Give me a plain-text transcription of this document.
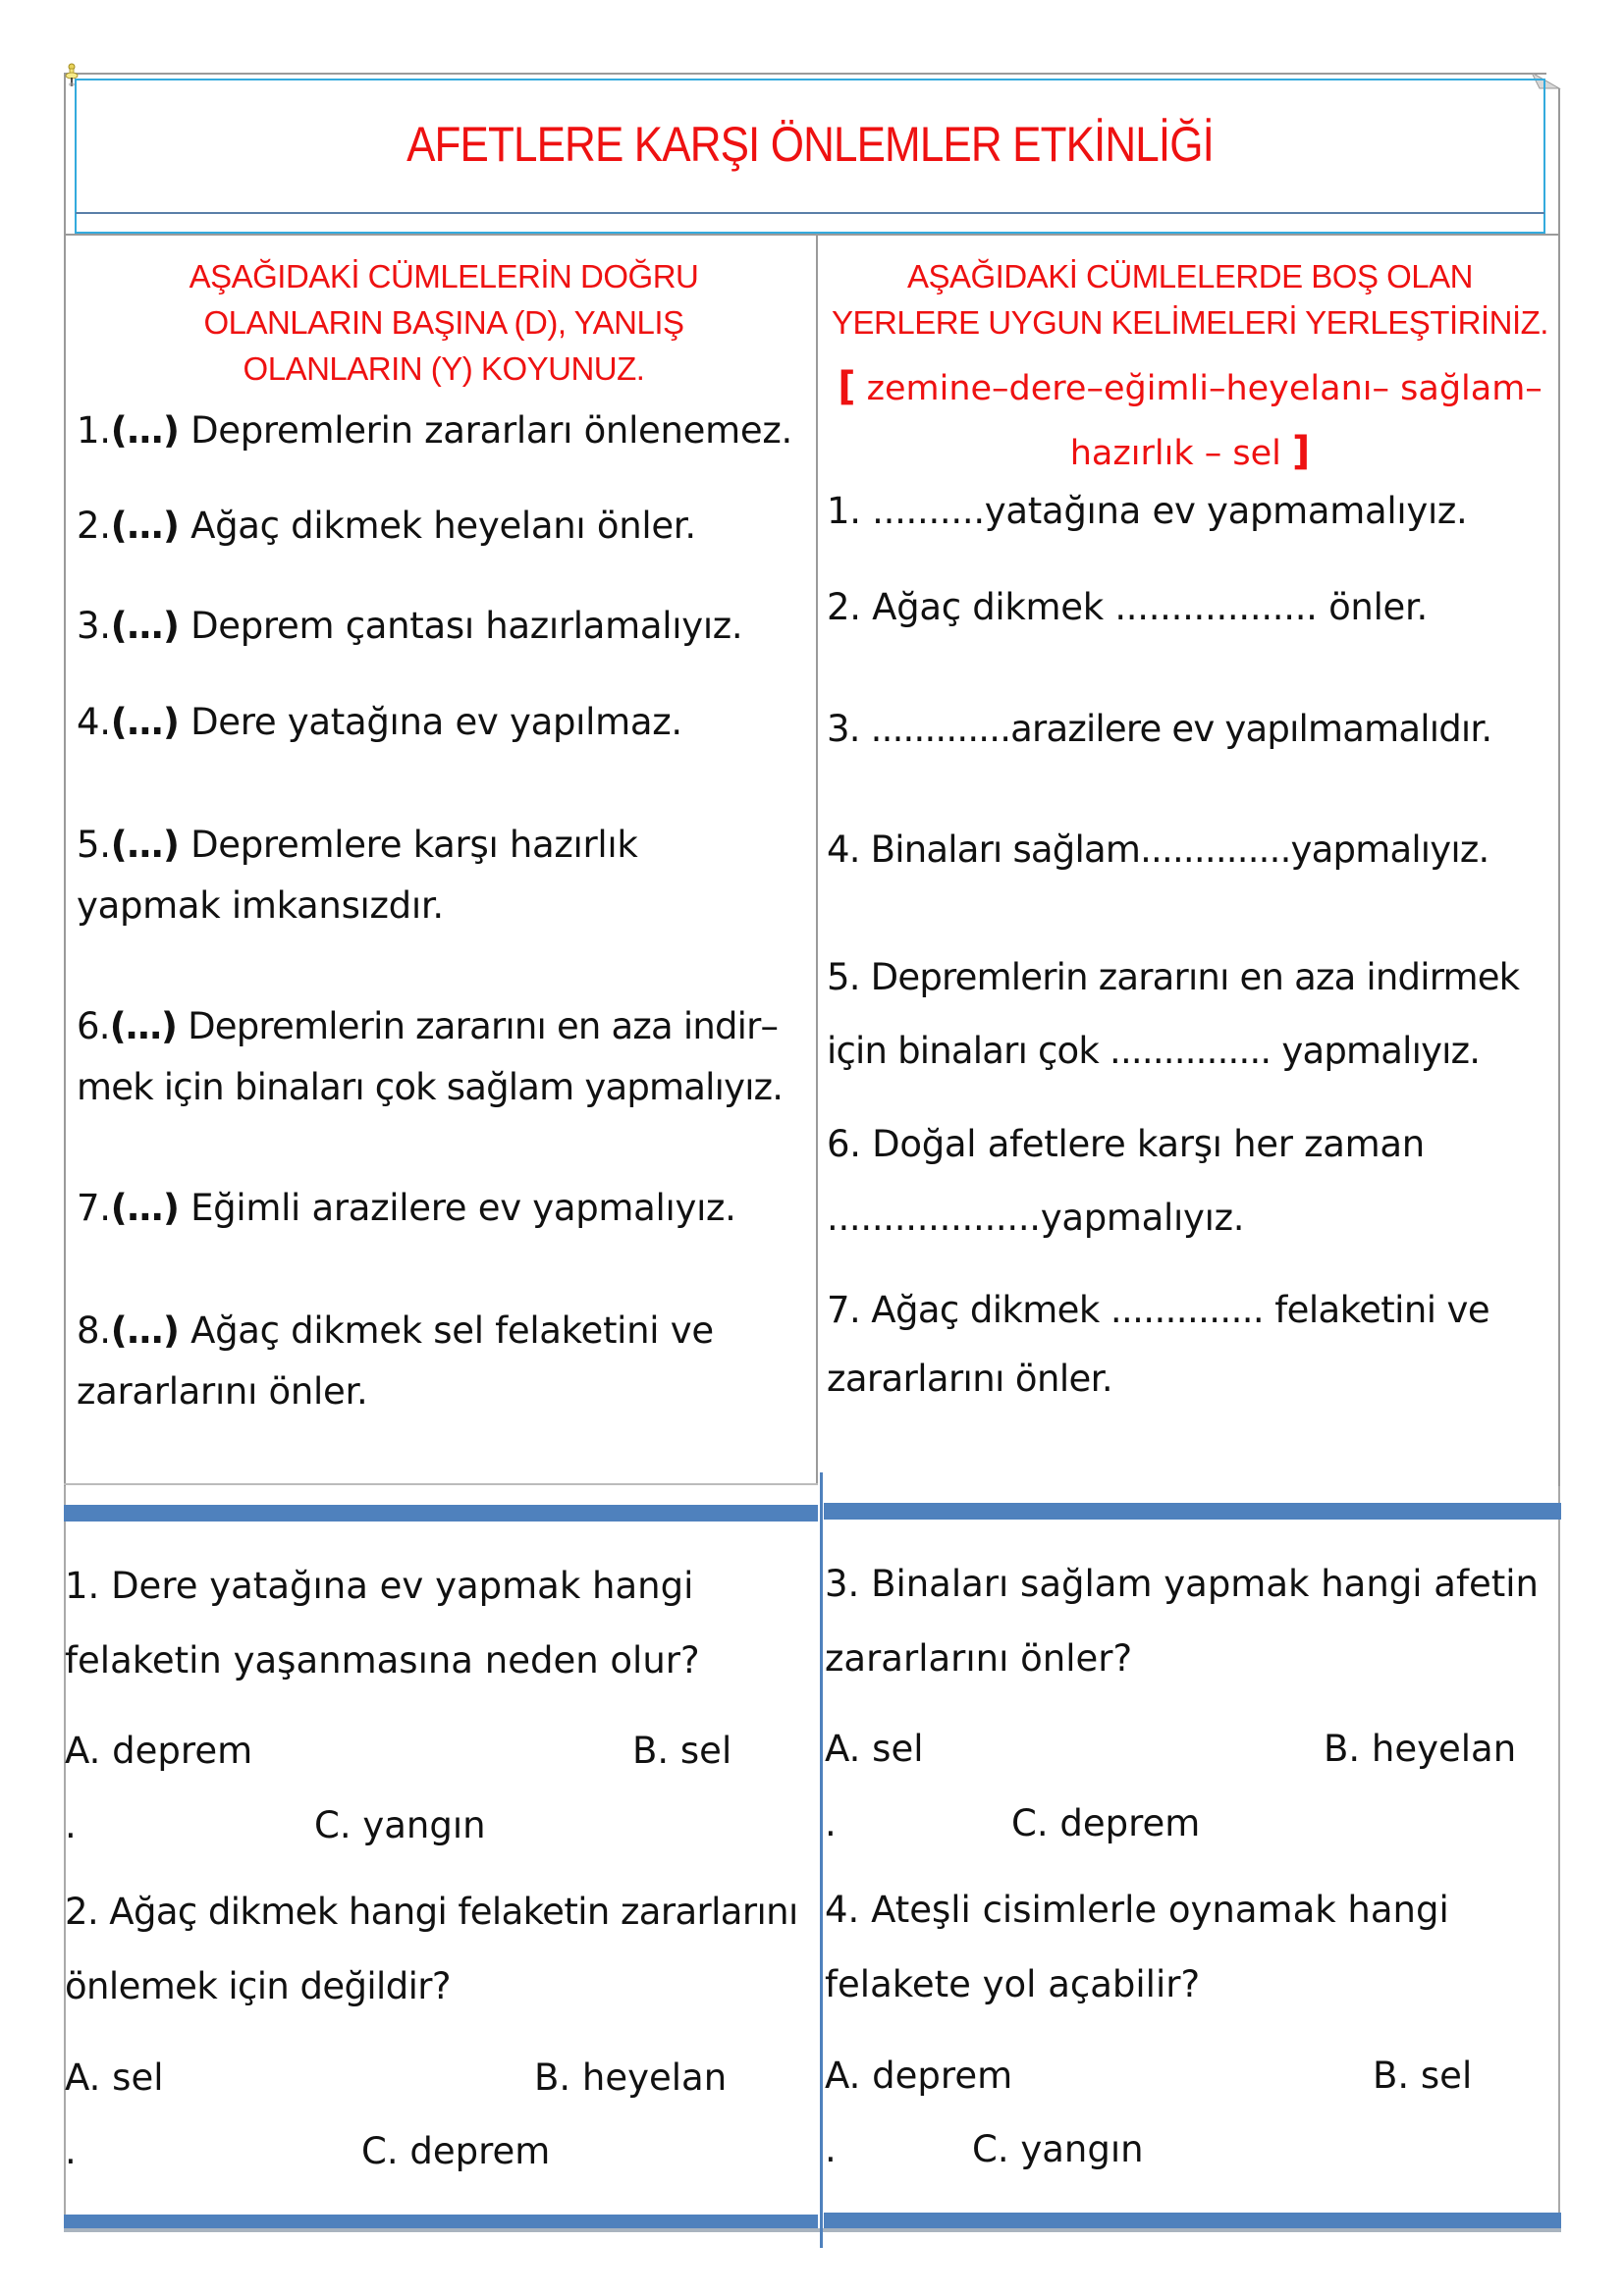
AFETLERE KARŞI ÖNLEMLER ETKİNLİĞİ
AŞAĞIDAKİ CÜMLELERİN DOĞRU
OLANLARIN BAŞINA (D), YANLIŞ
OLANLARIN (Y) KOYUNUZ.
1.(…) Depremlerin zararları önlenemez.
2.(…) Ağaç dikmek heyelanı önler.
3.(…) Deprem çantası hazırlamalıyız.
4.(…) Dere yatağına ev yapılmaz.
5.(…) Depremlere karşı hazırlık
yapmak imkansızdır.
6.(…) Depremlerin zararını en aza indir–
mek için binaları çok sağlam yapmalıyız.
7.(…) Eğimli arazilere ev yapmalıyız.
8.(…) Ağaç dikmek sel felaketini ve
zararlarını önler.
AŞAĞIDAKİ CÜMLELERDE BOŞ OLAN
YERLERE UYGUN KELİMELERİ YERLEŞTİRİNİZ.
[ zemine–dere–eğimli–heyelanı– sağlam–
hazırlık – sel ]
1. ..........yatağına ev yapmamalıyız.
2. Ağaç dikmek .................. önler.
3. .............arazilere ev yapılmamalıdır.
4. Binaları sağlam..............yapmalıyız.
5. Depremlerin zararını en aza indirmek
için binaları çok ............... yapmalıyız.
6. Doğal afetlere karşı her zaman
...................yapmalıyız.
7. Ağaç dikmek .............. felaketini ve
zararlarını önler.
1. Dere yatağına ev yapmak hangi
felaketin yaşanmasına neden olur?
A. deprem	B. sel
.	C. yangın
2. Ağaç dikmek hangi felaketin zararlarını
önlemek için değildir?
A. sel	B. heyelan
.	C. deprem
3. Binaları sağlam yapmak hangi afetin
zararlarını önler?
A. sel	B. heyelan
.	C. deprem
4. Ateşli cisimlerle oynamak hangi
felakete yol açabilir?
A. deprem	B. sel
.	C. yangın
